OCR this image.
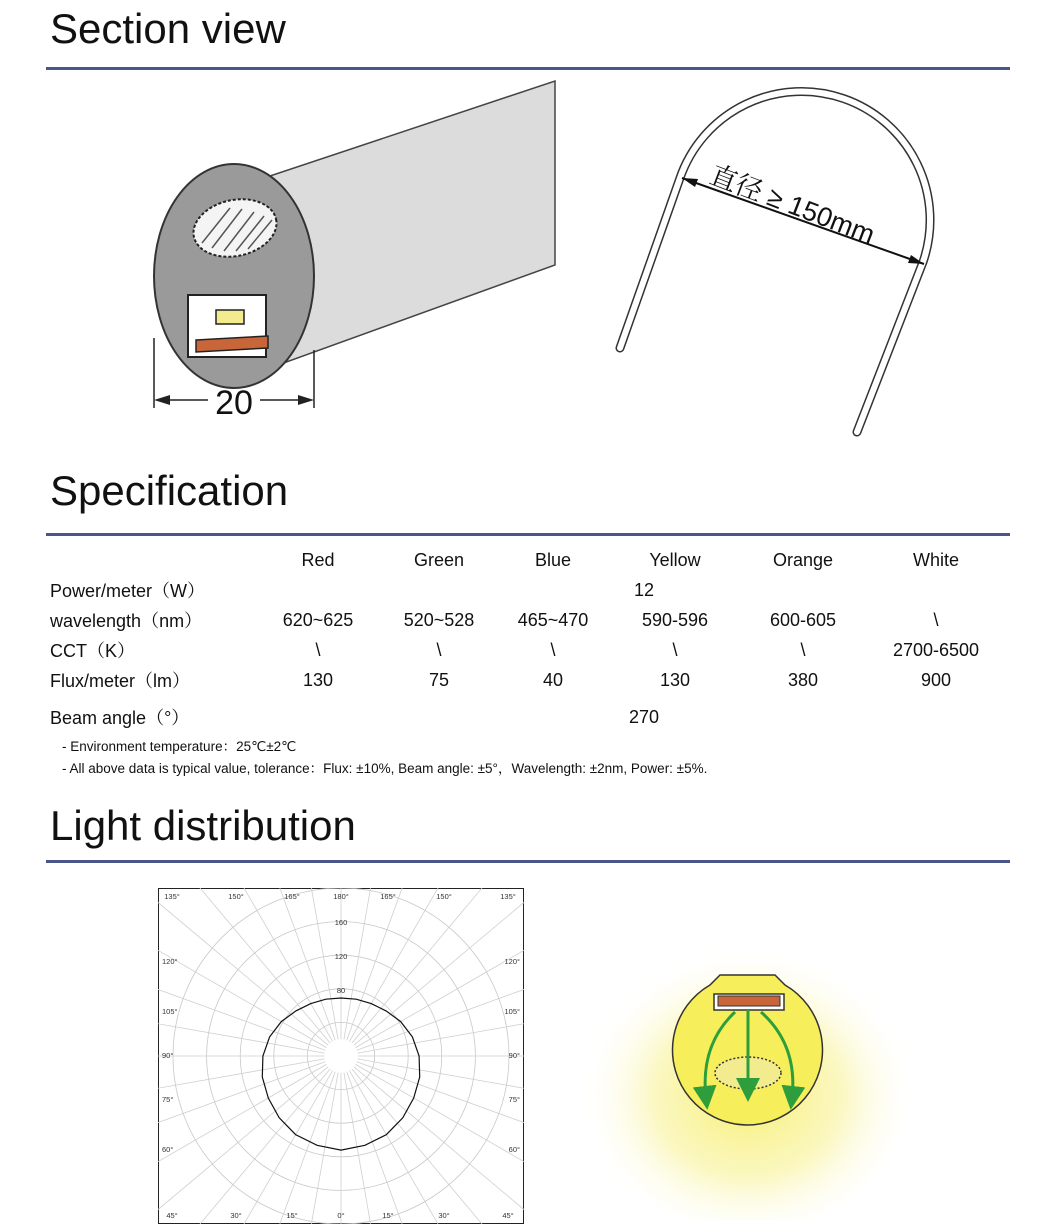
Section view
20
直径 ≥ 150mm
Specification
	Red	Green	Blue	Yellow	Orange	White
Power/meter（W）	12					
wavelength（nm）	620~625	520~528	465~470	590-596	600-605	\
CCT（K）	\	\	\	\	\	2700-6500
Flux/meter（lm）	130	75	40	130	380	900
Beam angle（°）	270					
- Environment temperature：25℃±2℃
- All above data is typical value, tolerance：Flux: ±10%, Beam angle: ±5°，Wavelength: ±2nm, Power: ±5%.
Light distribution
135°	150°	165°	180°	165°	150°	135°
45°	30°	15°	0°	15°	30°	45°
120°	120°
105°	105°
90°	90°
75°	75°
60°	60°
160
120
80
